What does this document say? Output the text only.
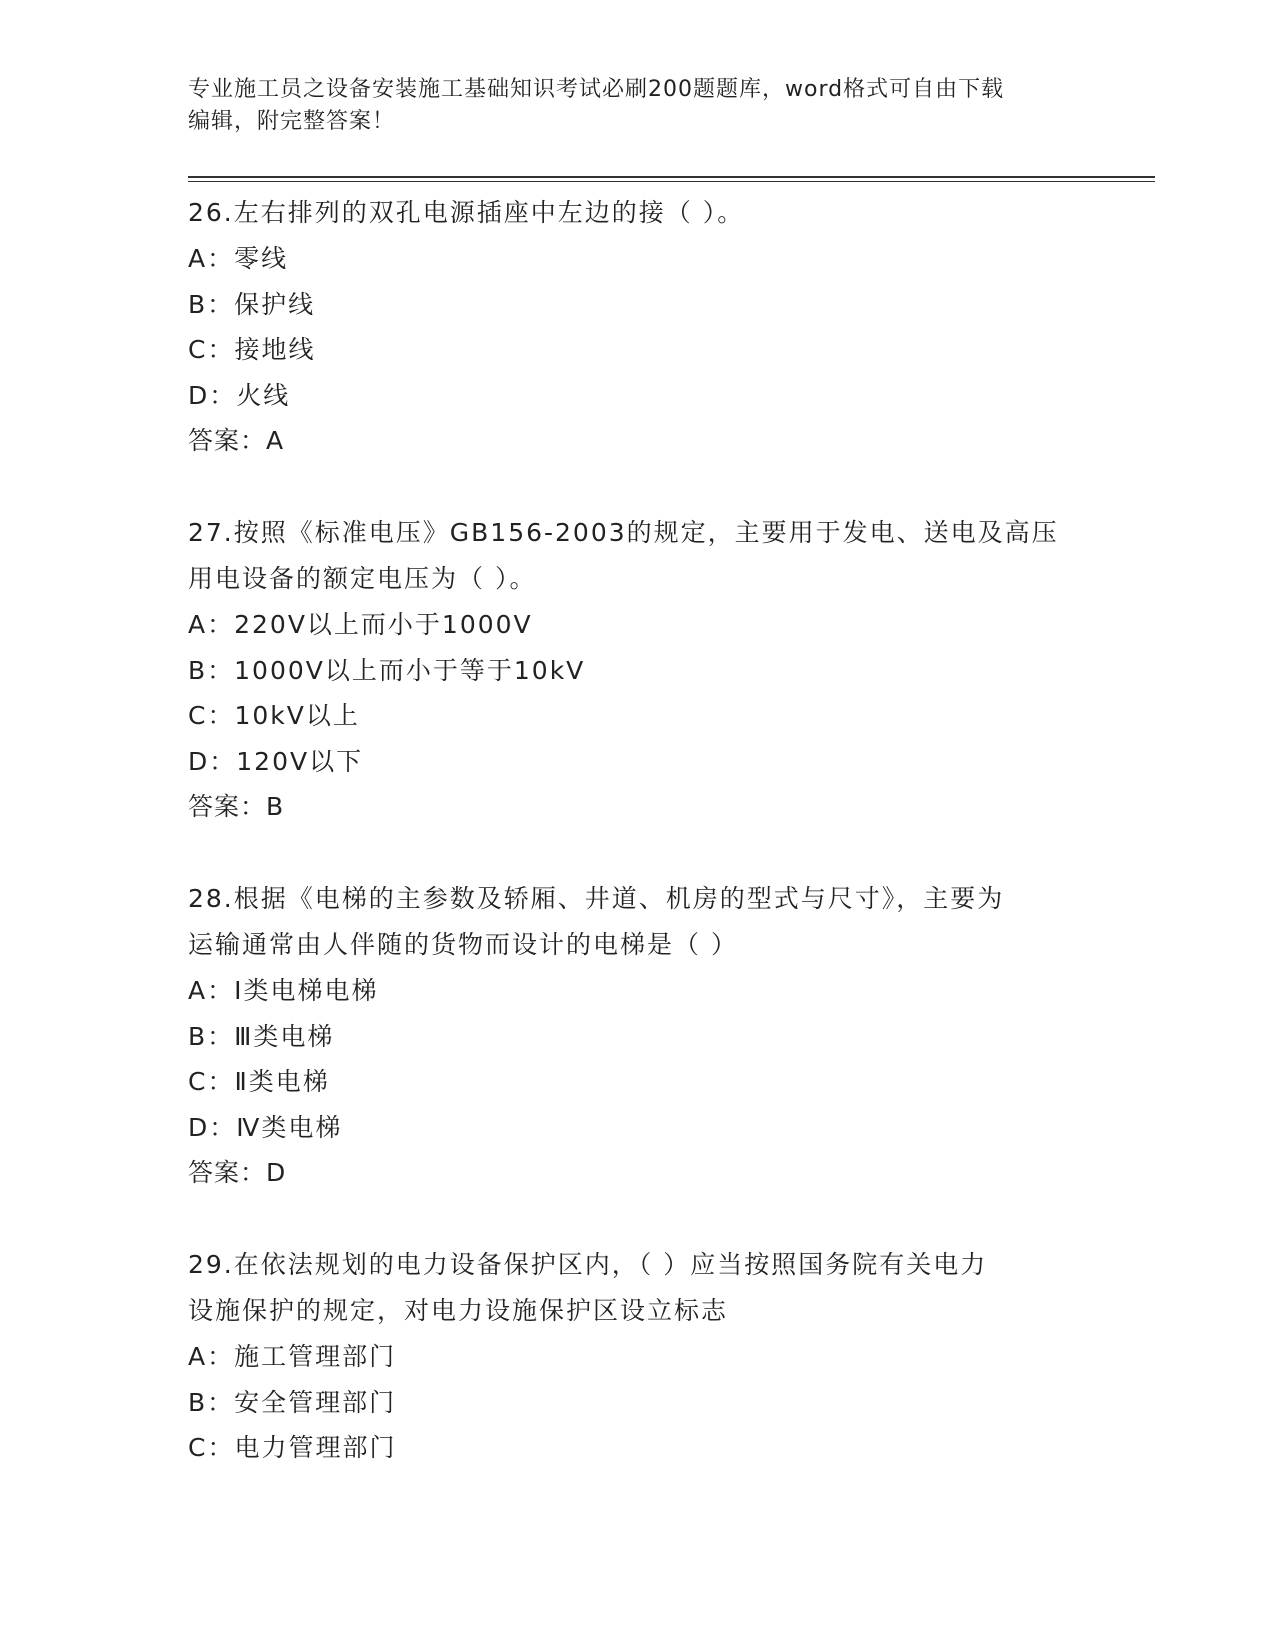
专业施工员之设备安装施工基础知识考试必刷200题题库，word格式可自由下载
编辑，附完整答案！
26.左右排列的双孔电源插座中左边的接（ ）。
A：零线
B：保护线
C：接地线
D：火线
答案：A
27.按照《标准电压》GB156-2003的规定，主要用于发电、送电及高压
用电设备的额定电压为（ ）。
A：220V以上而小于1000V
B：1000V以上而小于等于10kV
C：10kV以上
D：120V以下
答案：B
28.根据《电梯的主参数及轿厢、井道、机房的型式与尺寸》，主要为
运输通常由人伴随的货物而设计的电梯是（ ）
A：Ⅰ类电梯电梯
B：Ⅲ类电梯
C：Ⅱ类电梯
D：Ⅳ类电梯
答案：D
29.在依法规划的电力设备保护区内，（ ）应当按照国务院有关电力
设施保护的规定，对电力设施保护区设立标志
A：施工管理部门
B：安全管理部门
C：电力管理部门
